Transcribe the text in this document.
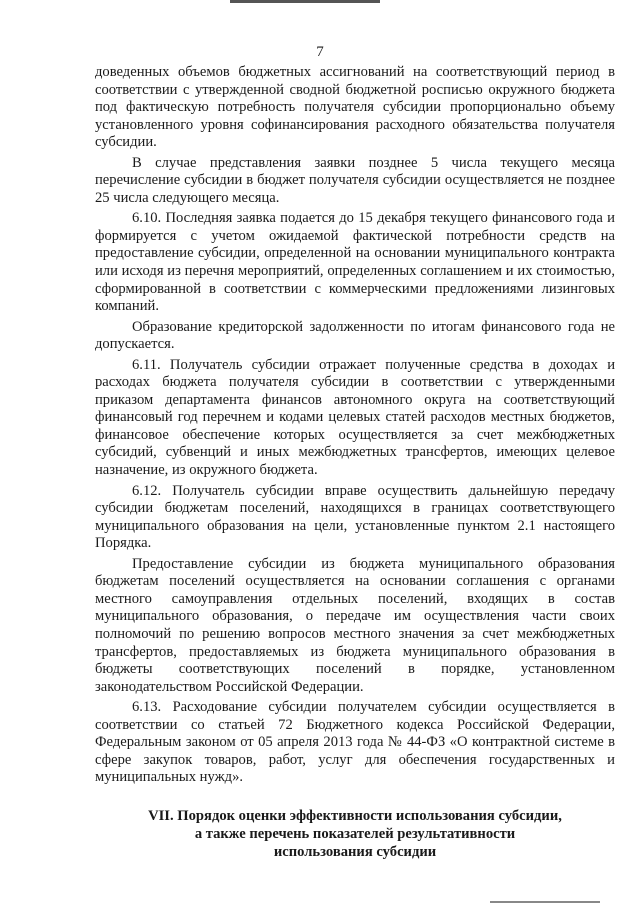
7

доведенных объемов бюджетных ассигнований на соответствующий период в соответствии с утвержденной сводной бюджетной росписью окружного бюджета под фактическую потребность получателя субсидии пропорционально объему установленного уровня софинансирования расходного обязательства получателя субсидии.

В случае представления заявки позднее 5 числа текущего месяца перечисление субсидии в бюджет получателя субсидии осуществляется не позднее 25 числа следующего месяца.

6.10. Последняя заявка подается до 15 декабря текущего финансового года и формируется с учетом ожидаемой фактической потребности средств на предоставление субсидии, определенной на основании муниципального контракта или исходя из перечня мероприятий, определенных соглашением и их стоимостью, сформированной в соответствии с коммерческими предложениями лизинговых компаний.

Образование кредиторской задолженности по итогам финансового года не допускается.

6.11. Получатель субсидии отражает полученные средства в доходах и расходах бюджета получателя субсидии в соответствии с утвержденными приказом департамента финансов автономного округа на соответствующий финансовый год перечнем и кодами целевых статей расходов местных бюджетов, финансовое обеспечение которых осуществляется за счет межбюджетных субсидий, субвенций и иных межбюджетных трансфертов, имеющих целевое назначение, из окружного бюджета.

6.12. Получатель субсидии вправе осуществить дальнейшую передачу субсидии бюджетам поселений, находящихся в границах соответствующего муниципального образования на цели, установленные пунктом 2.1 настоящего Порядка.

Предоставление субсидии из бюджета муниципального образования бюджетам поселений осуществляется на основании соглашения с органами местного самоуправления отдельных поселений, входящих в состав муниципального образования, о передаче им осуществления части своих полномочий по решению вопросов местного значения за счет межбюджетных трансфертов, предоставляемых из бюджета муниципального образования в бюджеты соответствующих поселений в порядке, установленном законодательством Российской Федерации.

6.13. Расходование субсидии получателем субсидии осуществляется в соответствии со статьей 72 Бюджетного кодекса Российской Федерации, Федеральным законом от 05 апреля 2013 года № 44-ФЗ «О контрактной системе в сфере закупок товаров, работ, услуг для обеспечения государственных и муниципальных нужд».

VII. Порядок оценки эффективности использования субсидии,
а также перечень показателей результативности
использования субсидии
